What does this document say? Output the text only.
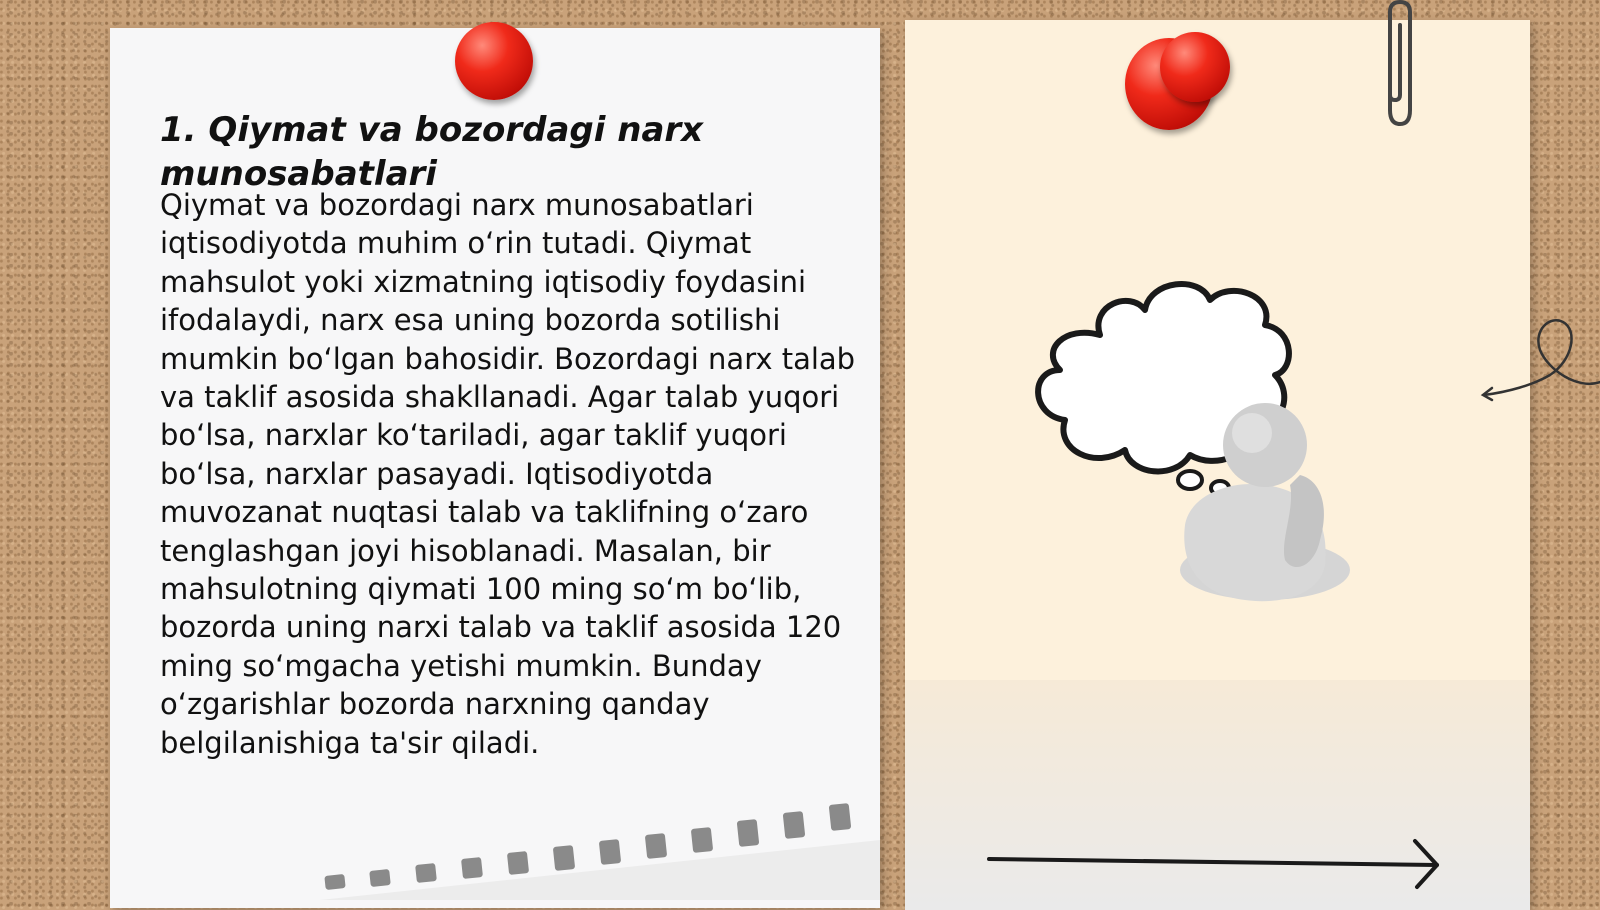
1. Qiymat va bozordagi narx munosabatlari

Qiymat va bozordagi narx munosabatlari iqtisodiyotda muhim oʻrin tutadi. Qiymat mahsulot yoki xizmatning iqtisodiy foydasini ifodalaydi, narx esa uning bozorda sotilishi mumkin boʻlgan bahosidir. Bozordagi narx talab va taklif asosida shakllanadi. Agar talab yuqori boʻlsa, narxlar koʻtariladi, agar taklif yuqori boʻlsa, narxlar pasayadi. Iqtisodiyotda muvozanat nuqtasi talab va taklifning oʻzaro tenglashgan joyi hisoblanadi. Masalan, bir mahsulotning qiymati 100 ming soʻm boʻlib, bozorda uning narxi talab va taklif asosida 120 ming soʻmgacha yetishi mumkin. Bunday oʻzgarishlar bozorda narxning qanday belgilanishiga ta'sir qiladi.
